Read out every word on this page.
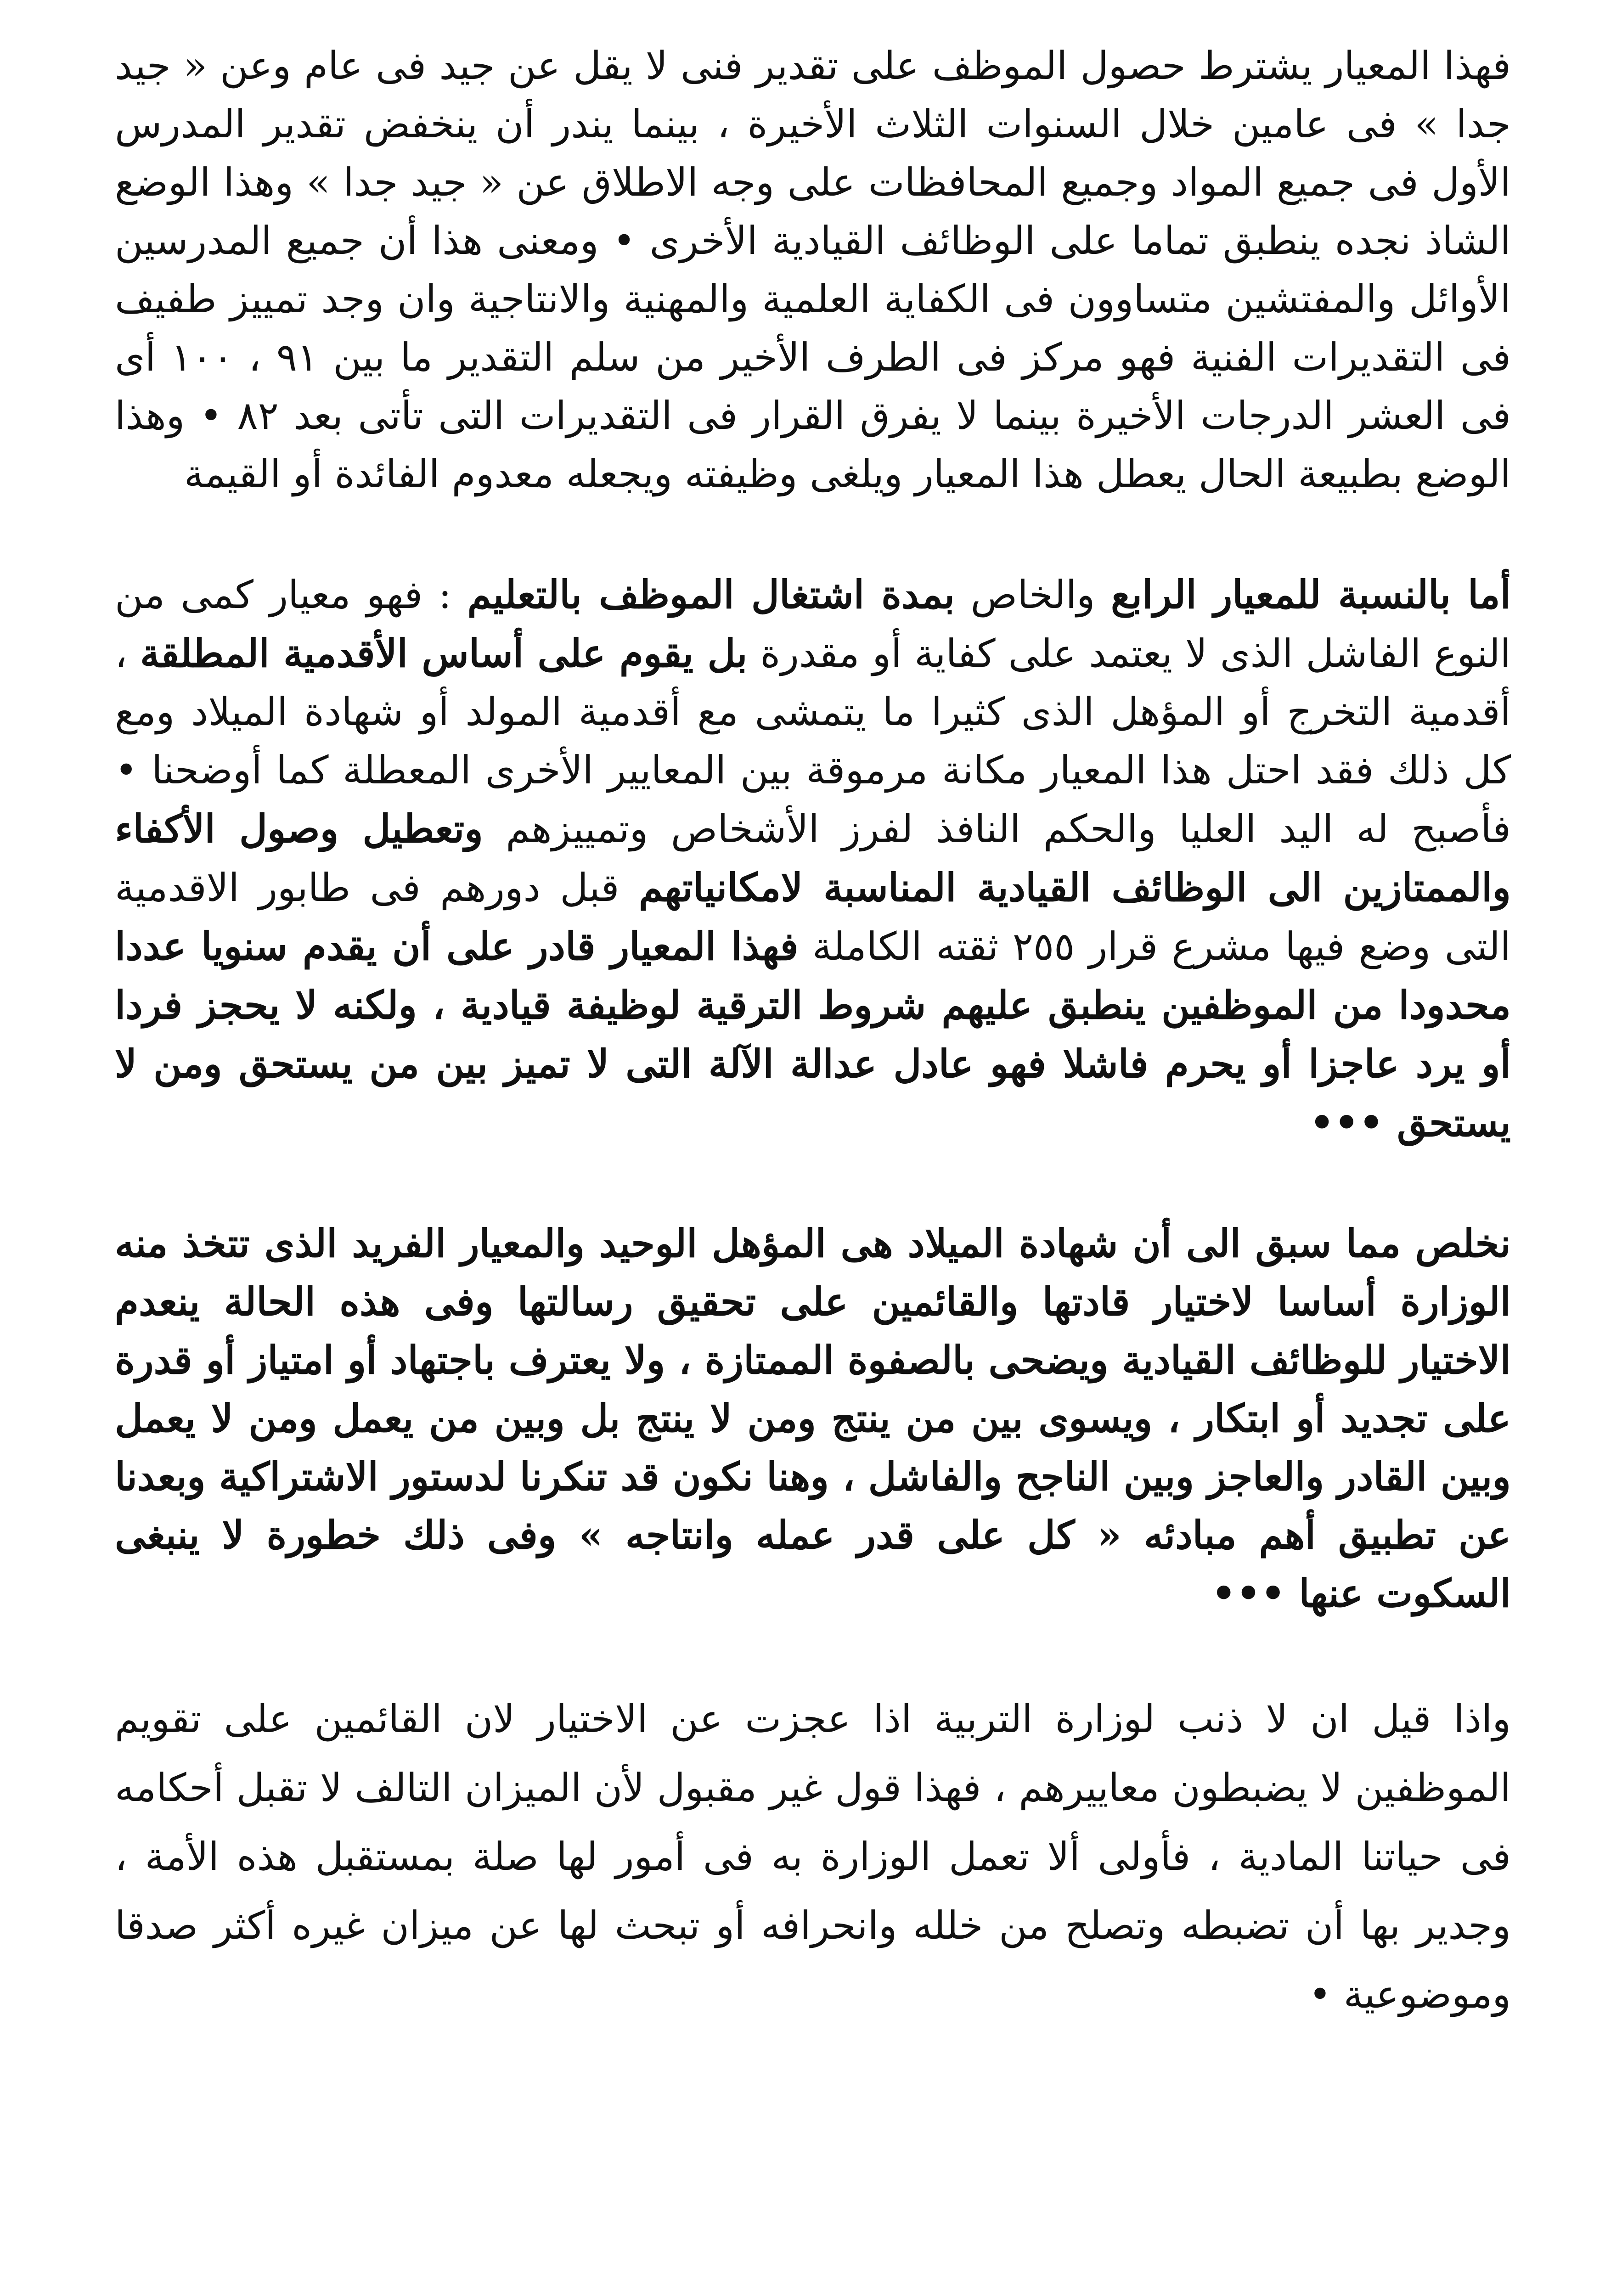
فهذا المعيار يشترط حصول الموظف على تقدير فنى لا يقل عن جيد فى عام وعن « جيد جدا » فى عامين خلال السنوات الثلاث الأخيرة ، بينما يندر أن ينخفض تقدير المدرس الأول فى جميع المواد وجميع المحافظات على وجه الاطلاق عن « جيد جدا » وهذا الوضع الشاذ نجده ينطبق تماما على الوظائف القيادية الأخرى • ومعنى هذا أن جميع المدرسين الأوائل والمفتشين متساوون فى الكفاية العلمية والمهنية والانتاجية وان وجد تمييز طفيف فى التقديرات الفنية فهو مركز فى الطرف الأخير من سلم التقدير ما بين ٩١ ، ١٠٠ أى فى العشر الدرجات الأخيرة بينما لا يفرق القرار فى التقديرات التى تأتى بعد ٨٢ • وهذا الوضع بطبيعة الحال يعطل هذا المعيار ويلغى وظيفته ويجعله معدوم الفائدة أو القيمة

أما بالنسبة للمعيار الرابع والخاص بمدة اشتغال الموظف بالتعليم : فهو معيار كمى من النوع الفاشل الذى لا يعتمد على كفاية أو مقدرة بل يقوم على أساس الأقدمية المطلقة ، أقدمية التخرج أو المؤهل الذى كثيرا ما يتمشى مع أقدمية المولد أو شهادة الميلاد ومع كل ذلك فقد احتل هذا المعيار مكانة مرموقة بين المعايير الأخرى المعطلة كما أوضحنا • فأصبح له اليد العليا والحكم النافذ لفرز الأشخاص وتمييزهم وتعطيل وصول الأكفاء والممتازين الى الوظائف القيادية المناسبة لامكانياتهم قبل دورهم فى طابور الاقدمية التى وضع فيها مشرع قرار ٢٥٥ ثقته الكاملة فهذا المعيار قادر على أن يقدم سنويا عددا محدودا من الموظفين ينطبق عليهم شروط الترقية لوظيفة قيادية ، ولكنه لا يحجز فردا أو يرد عاجزا أو يحرم فاشلا فهو عادل عدالة الآلة التى لا تميز بين من يستحق ومن لا يستحق •••

نخلص مما سبق الى أن شهادة الميلاد هى المؤهل الوحيد والمعيار الفريد الذى تتخذ منه الوزارة أساسا لاختيار قادتها والقائمين على تحقيق رسالتها وفى هذه الحالة ينعدم الاختيار للوظائف القيادية ويضحى بالصفوة الممتازة ، ولا يعترف باجتهاد أو امتياز أو قدرة على تجديد أو ابتكار ، ويسوى بين من ينتج ومن لا ينتج بل وبين من يعمل ومن لا يعمل وبين القادر والعاجز وبين الناجح والفاشل ، وهنا نكون قد تنكرنا لدستور الاشتراكية وبعدنا عن تطبيق أهم مبادئه « كل على قدر عمله وانتاجه » وفى ذلك خطورة لا ينبغى السكوت عنها •••

واذا قيل ان لا ذنب لوزارة التربية اذا عجزت عن الاختيار لان القائمين على تقويم الموظفين لا يضبطون معاييرهم ، فهذا قول غير مقبول لأن الميزان التالف لا تقبل أحكامه فى حياتنا المادية ، فأولى ألا تعمل الوزارة به فى أمور لها صلة بمستقبل هذه الأمة ، وجدير بها أن تضبطه وتصلح من خلله وانحرافه أو تبحث لها عن ميزان غيره أكثر صدقا وموضوعية •
